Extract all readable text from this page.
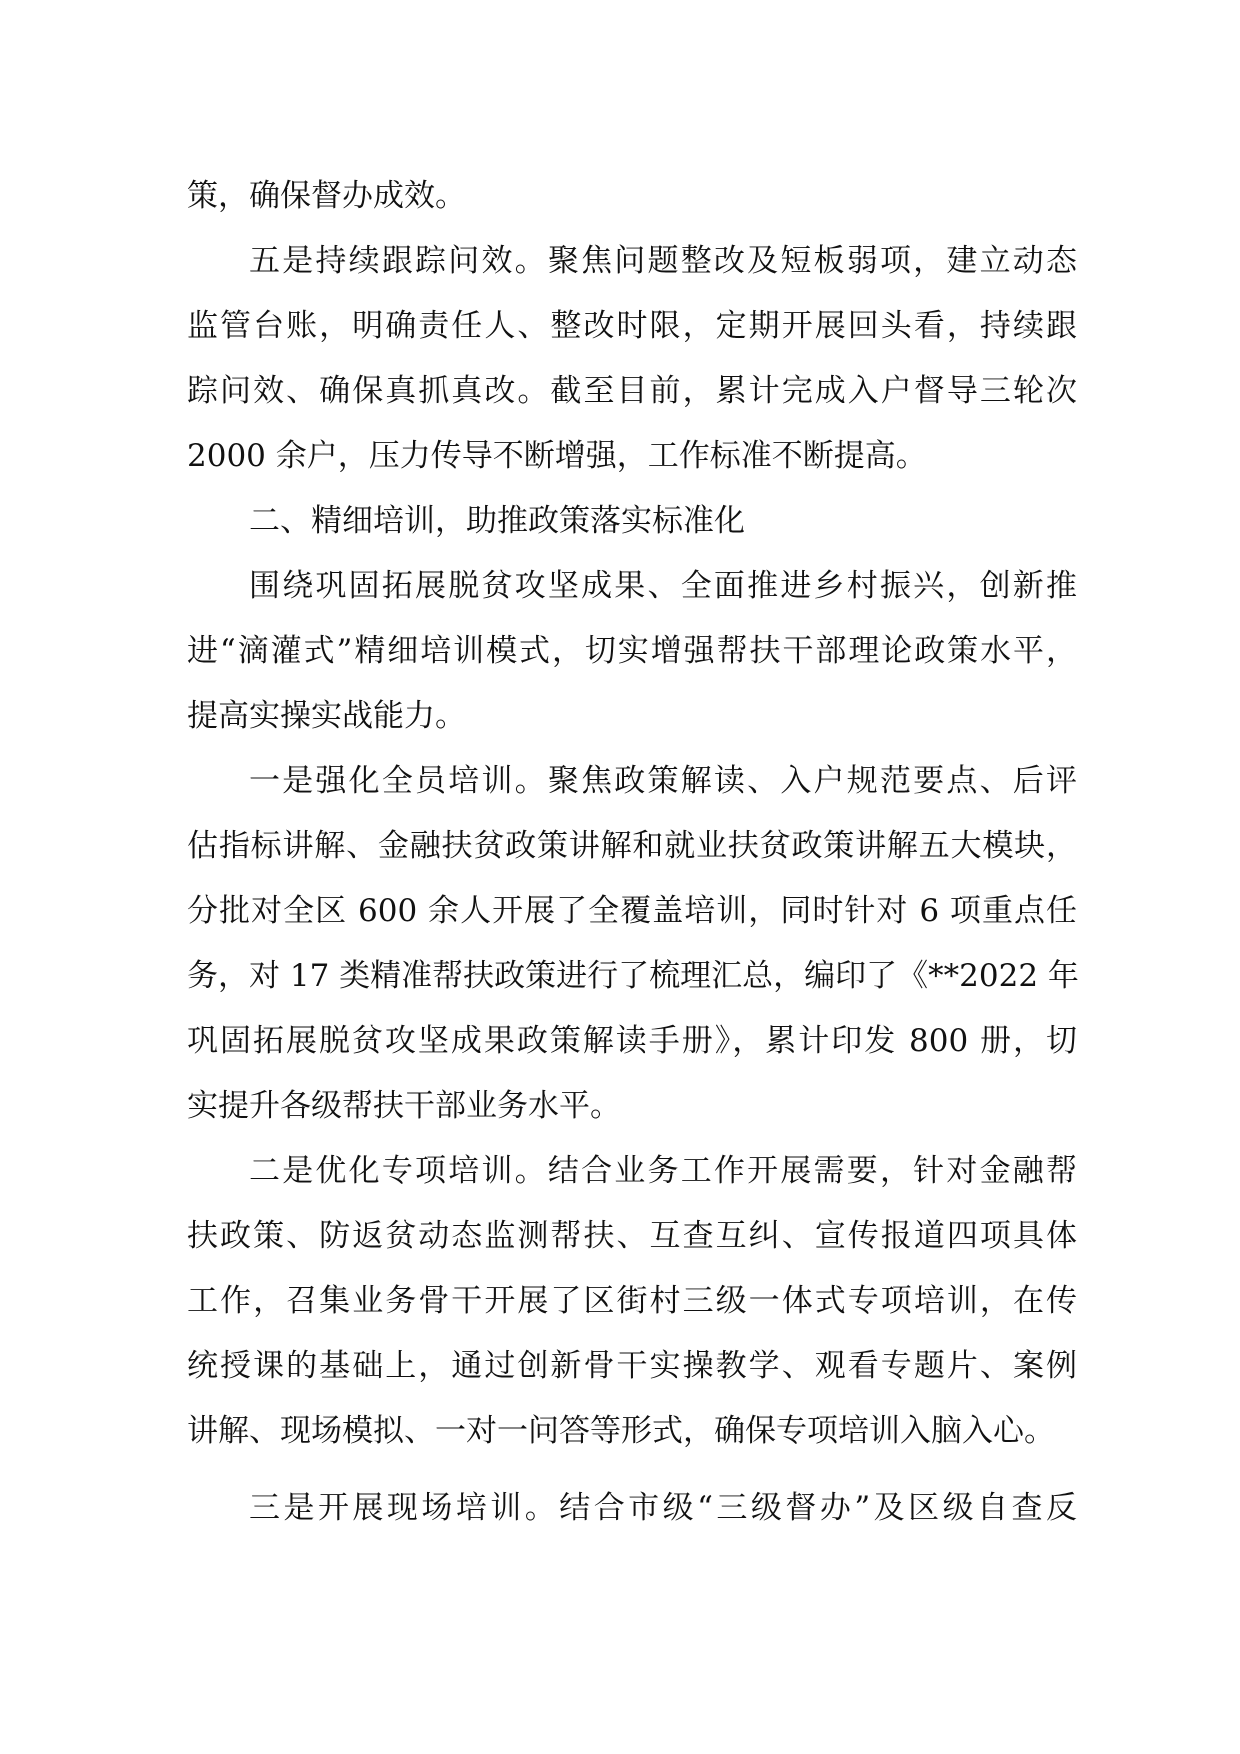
策，确保督办成效。
五是持续跟踪问效。聚焦问题整改及短板弱项，建立动态
监管台账，明确责任人、整改时限，定期开展回头看，持续跟
踪问效、确保真抓真改。截至目前，累计完成入户督导三轮次
2000 余户，压力传导不断增强，工作标准不断提高。
二、精细培训，助推政策落实标准化
围绕巩固拓展脱贫攻坚成果、全面推进乡村振兴，创新推
进“滴灌式”精细培训模式，切实增强帮扶干部理论政策水平，
提高实操实战能力。
一是强化全员培训。聚焦政策解读、入户规范要点、后评
估指标讲解、金融扶贫政策讲解和就业扶贫政策讲解五大模块，
分批对全区 600 余人开展了全覆盖培训，同时针对 6 项重点任
务，对 17 类精准帮扶政策进行了梳理汇总，编印了《**2022 年
巩固拓展脱贫攻坚成果政策解读手册》，累计印发 800 册，切
实提升各级帮扶干部业务水平。
二是优化专项培训。结合业务工作开展需要，针对金融帮
扶政策、防返贫动态监测帮扶、互查互纠、宣传报道四项具体
工作，召集业务骨干开展了区街村三级一体式专项培训，在传
统授课的基础上，通过创新骨干实操教学、观看专题片、案例
讲解、现场模拟、一对一问答等形式，确保专项培训入脑入心。
三是开展现场培训。结合市级“三级督办”及区级自查反
